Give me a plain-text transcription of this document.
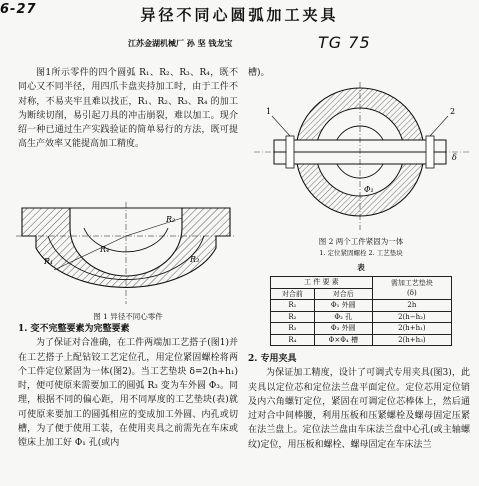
6-27
TG 75
异径不同心圆弧加工夹具
江苏金湖机械厂 孙 坚 钱龙宝

图1所示零件的四个圆弧 R₁、R₂、R₃、R₄，既不同心又不同半径，用四爪卡盘夹持加工时，由于工件不对称，不易夹牢且难以找正，R₁、R₂、R₃、R₄ 的加工为断续切削，易引起刀具的冲击崩裂，难以加工。现介绍一种已通过生产实践验证的简单易行的方法，既可提高生产效率又能提高加工精度。

R₁
R₂
R₃
R₄
图 1 异径不同心零件

1. 变不完整要素为完整要素

为了保证对合准确，在工件两端加工艺搭子(图1)并在工艺搭子上配钻铰工艺定位孔，用定位紧固螺栓将两个工件定位紧固为一体(图2)。当工艺垫块 δ=2(h+h₁)时，便可使原来需要加工的圆弧 R₃ 变为车外圆 Φ₃。同理，根据不同的偏心距，用不同厚度的工艺垫块(表)就可使原来要加工的圆弧相应的变成加工外圆、内孔或切槽，为了便于使用工装，在使用夹具之前需先在车床或镗床上加工好 Φ₁ 孔(或内

槽)。

1	2
δ
Φ₁
图 2 两个工件紧固为一体
1. 定位紧固螺栓 2. 工艺垫块
表
工 件 要 素		需加工艺垫块
(δ)
对合前	对合后	
R₁	Φ₁ 外圆	2h
R₂	Φ₂ 孔	2(h−h₂)
R₃	Φ₃ 外圆	2(h+h₁)
R₄	Φ×Φ₄ 槽	2(h+h₃)

2. 专用夹具

为保证加工精度，设计了可调式专用夹具(图3)，此夹具以定位芯和定位法兰盘平面定位。定位芯用定位销及内六角螺钉定位，紧固在可调定位芯棒体上，然后通过对合中间棒腰，利用压板和压紧螺栓及螺母固定压紧在法兰盘上。定位法兰盘由车床法兰盘中心孔(或主轴螺纹)定位，用压板和螺栓、螺母固定在车床法兰
